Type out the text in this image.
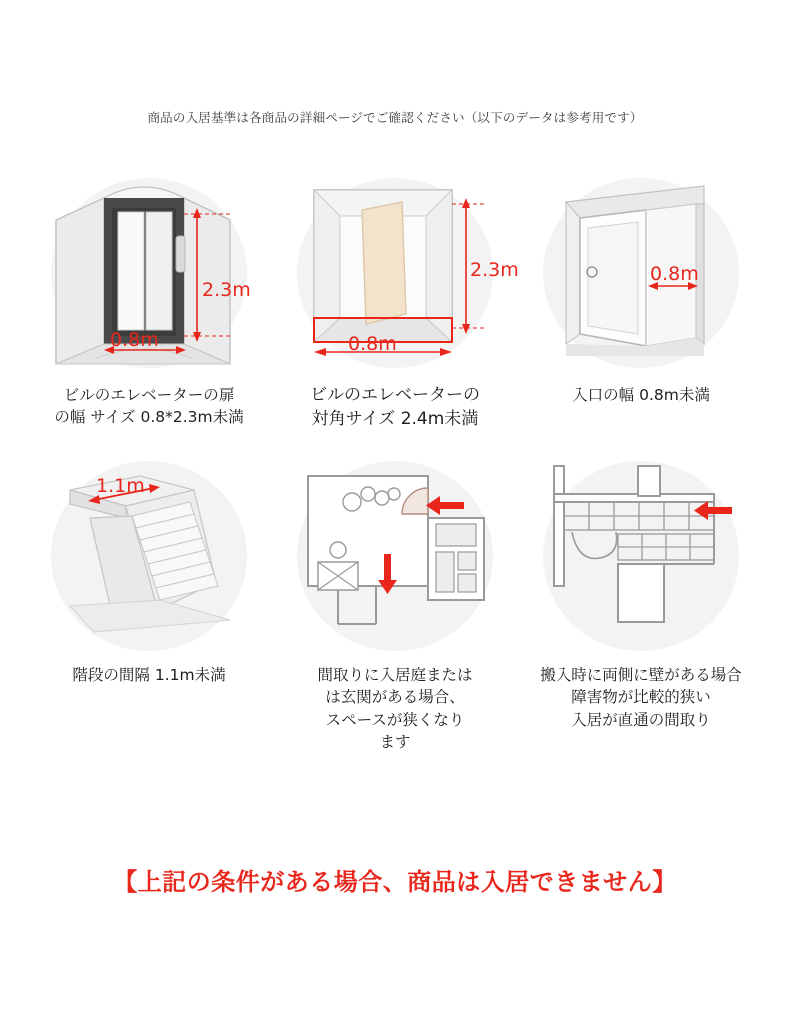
商品の入居基準は各商品の詳細ページでご確認ください（以下のデータは参考用です）
2.3m
0.8m
ビルのエレベーターの扉
の幅 サイズ 0.8*2.3m未満
2.3m
0.8m
ビルのエレベーターの
対角サイズ 2.4m未満
0.8m
入口の幅 0.8m未満
1.1m
階段の間隔 1.1m未満	間取りに入居庭または
は玄関がある場合、
スペースが狭くなり
ます
搬入時に両側に壁がある場合
障害物が比較的狭い
入居が直通の間取り
【上記の条件がある場合、商品は入居できません】
